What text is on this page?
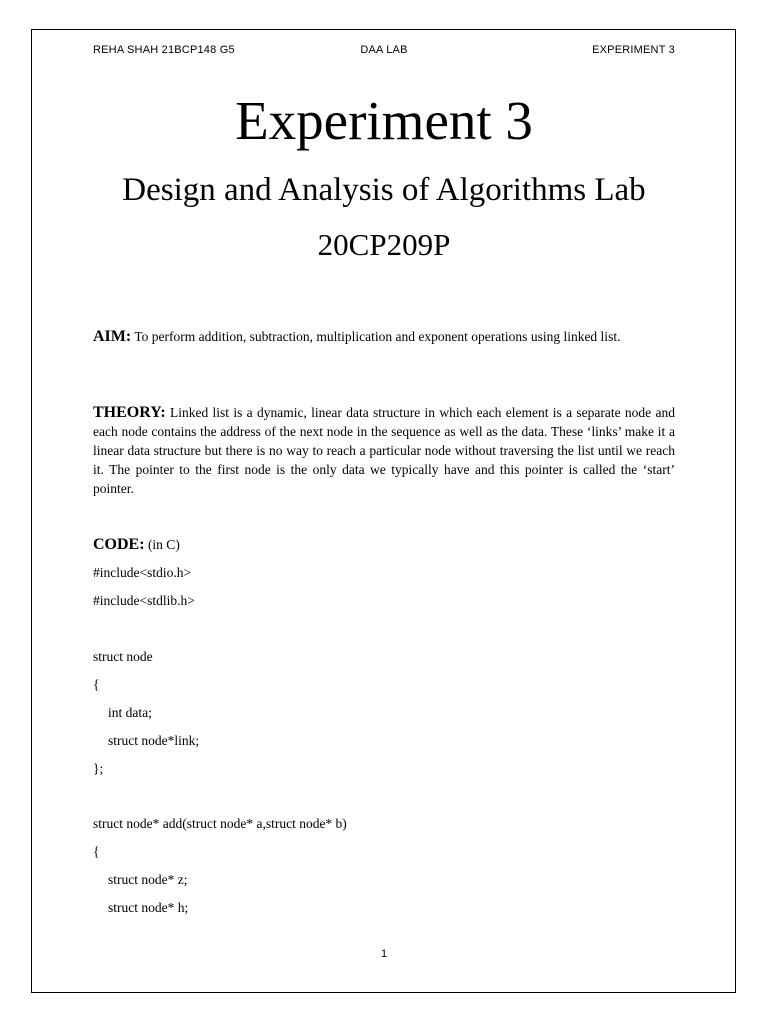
REHA SHAH 21BCP148 G5	DAA LAB	EXPERIMENT 3
Experiment 3
Design and Analysis of Algorithms Lab
20CP209P
AIM: To perform addition, subtraction, multiplication and exponent operations using linked list.
THEORY: Linked list is a dynamic, linear data structure in which each element is a separate node and each node contains the address of the next node in the sequence as well as the data. These ‘links’ make it a linear data structure but there is no way to reach a particular node without traversing the list until we reach it. The pointer to the first node is the only data we typically have and this pointer is called the ‘start’ pointer.
CODE: (in C)
#include<stdio.h>
#include<stdlib.h>
struct node
{
int data;
struct node*link;
};
struct node* add(struct node* a,struct node* b)
{
struct node* z;
struct node* h;
1
